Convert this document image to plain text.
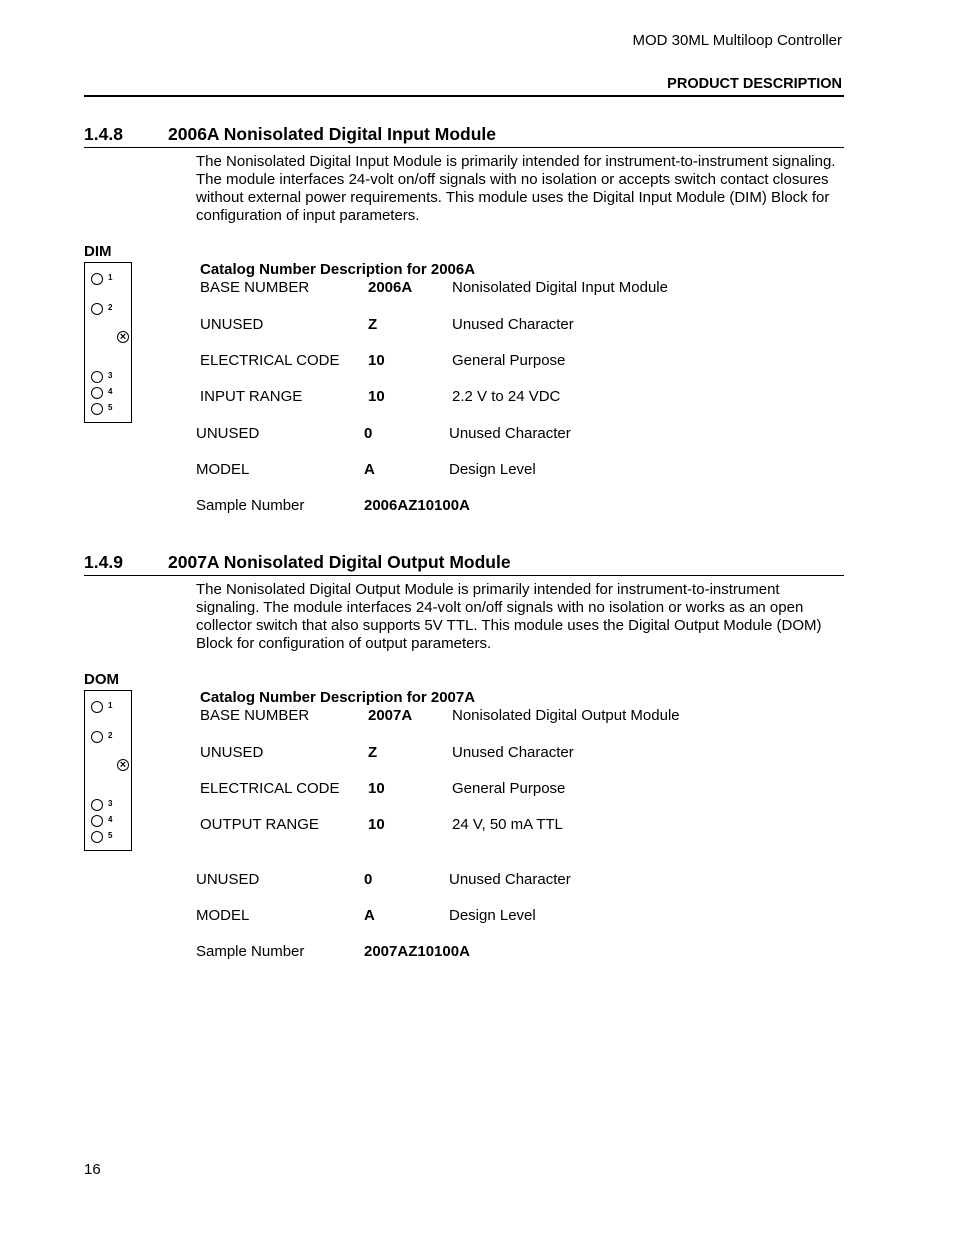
MOD 30ML Multiloop Controller
PRODUCT DESCRIPTION
1.4.8	2006A Nonisolated Digital Input Module
The Nonisolated Digital Input Module is primarily intended for instrument-to-instrument signaling. The module interfaces 24-volt on/off signals with no isolation or accepts switch contact closures without external power requirements. This module uses the Digital Input Module (DIM) Block for configuration of input parameters.
DIM
1
2
×
3
4
5
Catalog Number Description for 2006A
BASE NUMBER	2006A	Nonisolated Digital Input Module
UNUSED	Z	Unused Character
ELECTRICAL CODE 10	General Purpose
INPUT RANGE	10	2.2 V to 24 VDC
UNUSED	0	Unused Character
MODEL	A	Design Level
Sample Number	2006AZ10100A
1.4.9	2007A Nonisolated Digital Output Module
The Nonisolated Digital Output Module is primarily intended for instrument-to-instrument signaling. The module interfaces 24-volt on/off signals with no isolation or works as an open collector switch that also supports 5V TTL. This module uses the Digital Output Module (DOM) Block for configuration of output parameters.
DOM
1
2
×
3
4
5
Catalog Number Description for 2007A
BASE NUMBER	2007A	Nonisolated Digital Output Module
UNUSED	Z	Unused Character
ELECTRICAL CODE 10	General Purpose
OUTPUT RANGE	10	24 V, 50 mA TTL
UNUSED	0	Unused Character
MODEL	A	Design Level
Sample Number	2007AZ10100A
16
